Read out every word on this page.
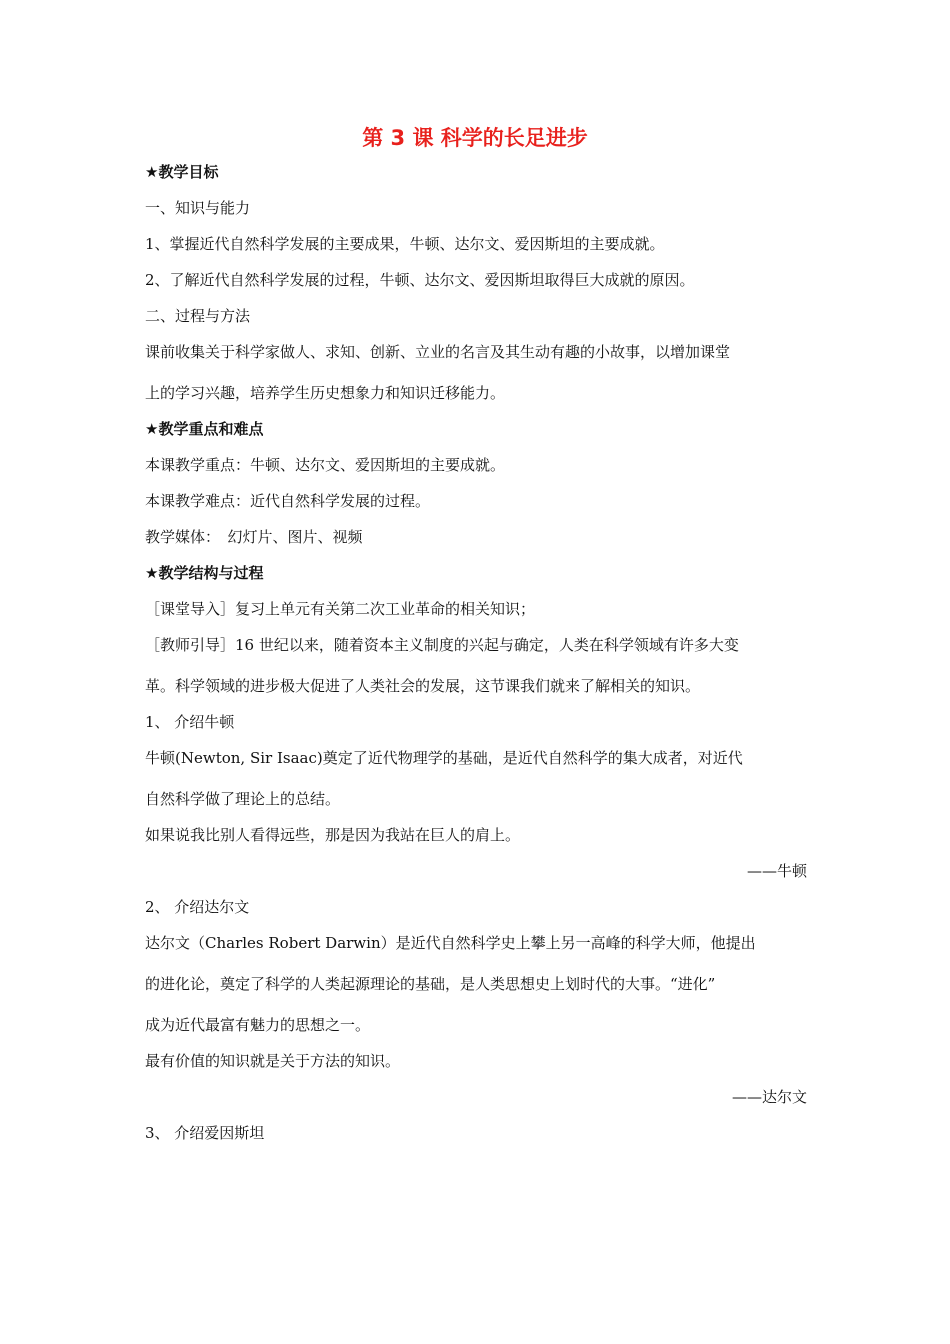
第 3 课 科学的长足进步
★教学目标
一、知识与能力
1、掌握近代自然科学发展的主要成果，牛顿、达尔文、爱因斯坦的主要成就。
2、了解近代自然科学发展的过程，牛顿、达尔文、爱因斯坦取得巨大成就的原因。
二、过程与方法
课前收集关于科学家做人、求知、创新、立业的名言及其生动有趣的小故事，以增加课堂
上的学习兴趣，培养学生历史想象力和知识迁移能力。
★教学重点和难点
本课教学重点：牛顿、达尔文、爱因斯坦的主要成就。
本课教学难点：近代自然科学发展的过程。
教学媒体：　幻灯片、图片、视频
★教学结构与过程
［课堂导入］复习上单元有关第二次工业革命的相关知识；
［教师引导］16 世纪以来，随着资本主义制度的兴起与确定，人类在科学领域有许多大变
革。科学领域的进步极大促进了人类社会的发展，这节课我们就来了解相关的知识。
1、 介绍牛顿
牛顿(Newton, Sir Isaac)奠定了近代物理学的基础，是近代自然科学的集大成者，对近代
自然科学做了理论上的总结。
如果说我比别人看得远些，那是因为我站在巨人的肩上。
——牛顿
2、 介绍达尔文
达尔文（Charles Robert Darwin）是近代自然科学史上攀上另一高峰的科学大师，他提出
的进化论，奠定了科学的人类起源理论的基础，是人类思想史上划时代的大事。“进化”
成为近代最富有魅力的思想之一。
最有价值的知识就是关于方法的知识。
——达尔文
3、 介绍爱因斯坦
